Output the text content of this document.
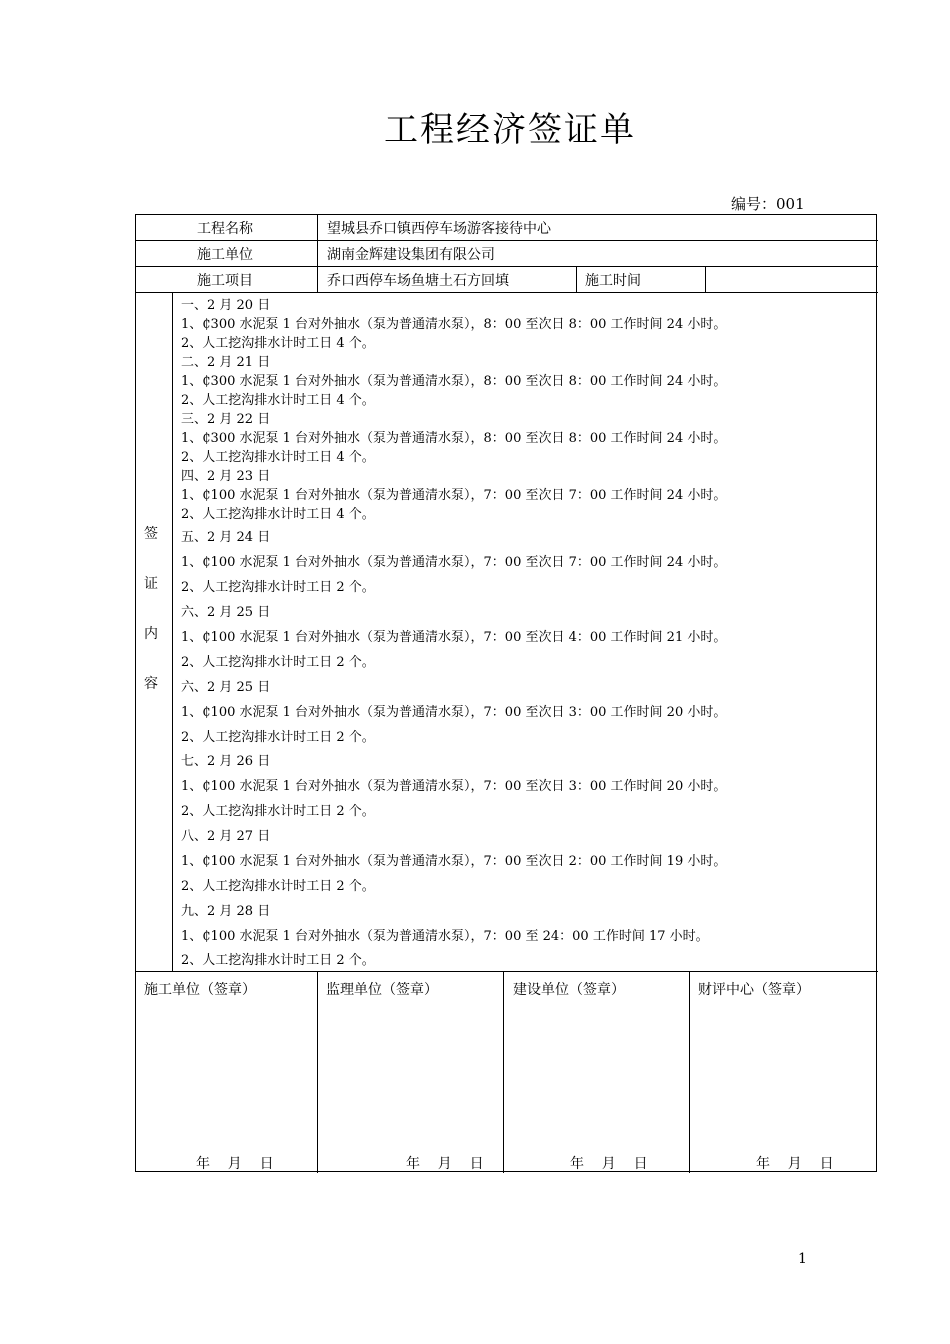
工程经济签证单
编号：001
工程名称	望城县乔口镇西停车场游客接待中心
施工单位	湖南金辉建设集团有限公司
施工项目	乔口西停车场鱼塘土石方回填	施工时间
签
证
内
容
一、2 月 20 日
1、₵300 水泥泵 1 台对外抽水（泵为普通清水泵），8：00 至次日 8：00 工作时间 24 小时。
2、人工挖沟排水计时工日 4 个。
二、2 月 21 日
1、₵300 水泥泵 1 台对外抽水（泵为普通清水泵），8：00 至次日 8：00 工作时间 24 小时。
2、人工挖沟排水计时工日 4 个。
三、2 月 22 日
1、₵300 水泥泵 1 台对外抽水（泵为普通清水泵），8：00 至次日 8：00 工作时间 24 小时。
2、人工挖沟排水计时工日 4 个。
四、2 月 23 日
1、₵100 水泥泵 1 台对外抽水（泵为普通清水泵），7：00 至次日 7：00 工作时间 24 小时。
2、人工挖沟排水计时工日 4 个。
五、2 月 24 日
1、₵100 水泥泵 1 台对外抽水（泵为普通清水泵），7：00 至次日 7：00 工作时间 24 小时。
2、人工挖沟排水计时工日 2 个。
六、2 月 25 日
1、₵100 水泥泵 1 台对外抽水（泵为普通清水泵），7：00 至次日 4：00 工作时间 21 小时。
2、人工挖沟排水计时工日 2 个。
六、2 月 25 日
1、₵100 水泥泵 1 台对外抽水（泵为普通清水泵），7：00 至次日 3：00 工作时间 20 小时。
2、人工挖沟排水计时工日 2 个。
七、2 月 26 日
1、₵100 水泥泵 1 台对外抽水（泵为普通清水泵），7：00 至次日 3：00 工作时间 20 小时。
2、人工挖沟排水计时工日 2 个。
八、2 月 27 日
1、₵100 水泥泵 1 台对外抽水（泵为普通清水泵），7：00 至次日 2：00 工作时间 19 小时。
2、人工挖沟排水计时工日 2 个。
九、2 月 28 日
1、₵100 水泥泵 1 台对外抽水（泵为普通清水泵），7：00 至 24：00 工作时间 17 小时。
2、人工挖沟排水计时工日 2 个。
施工单位（签章）	监理单位（签章）	建设单位（签章）	财评中心（签章）
年    月    日	年    月    日	年    月    日	年    月    日
1
